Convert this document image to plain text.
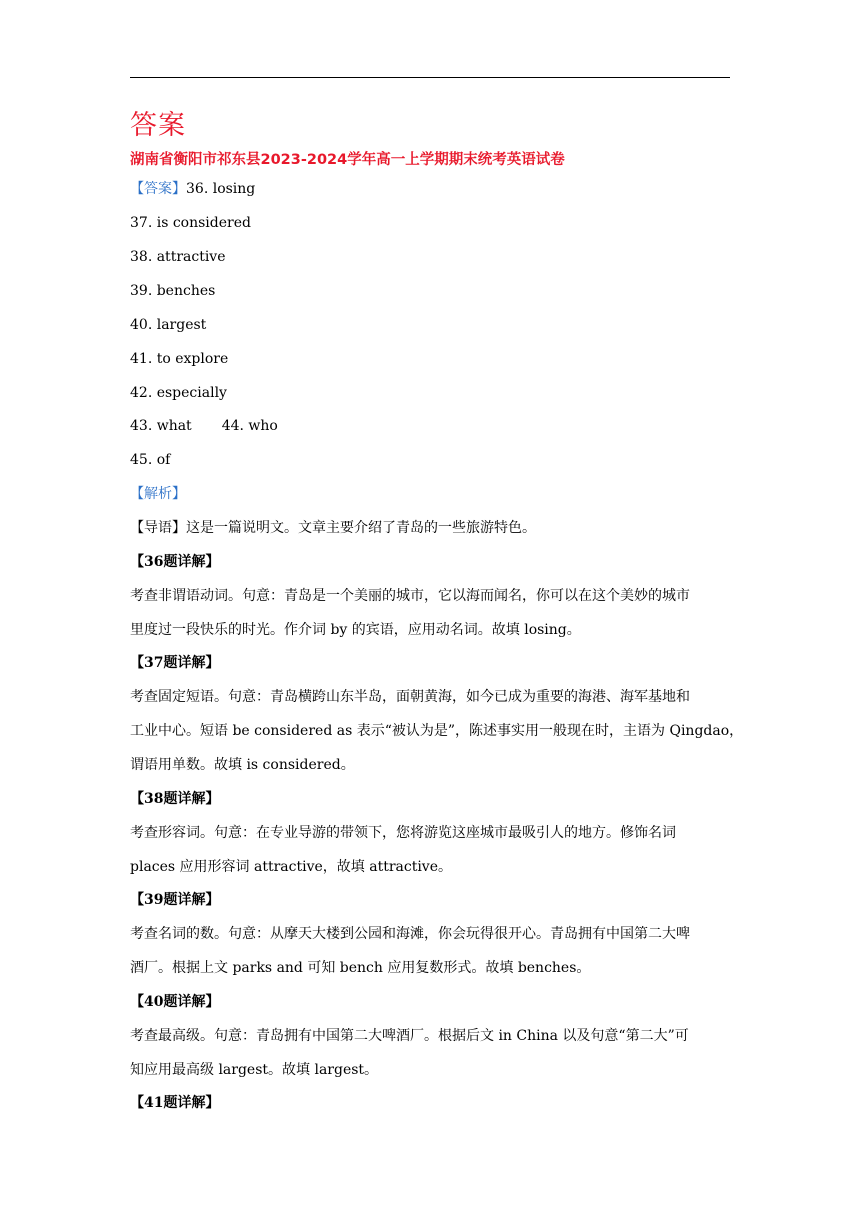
答案
湖南省衡阳市祁东县2023-2024学年高一上学期期末统考英语试卷
【答案】36. losing
37. is considered
38. attractive
39. benches
40. largest
41. to explore
42. especially
43. what 44. who
45. of
【解析】
【导语】这是一篇说明文。文章主要介绍了青岛的一些旅游特色。
【36题详解】
考查非谓语动词。句意：青岛是一个美丽的城市，它以海而闻名，你可以在这个美妙的城市
里度过一段快乐的时光。作介词 by 的宾语，应用动名词。故填 losing。
【37题详解】
考查固定短语。句意：青岛横跨山东半岛，面朝黄海，如今已成为重要的海港、海军基地和
工业中心。短语 be considered as 表示“被认为是”，陈述事实用一般现在时，主语为 Qingdao，
谓语用单数。故填 is considered。
【38题详解】
考查形容词。句意：在专业导游的带领下，您将游览这座城市最吸引人的地方。修饰名词
places 应用形容词 attractive，故填 attractive。
【39题详解】
考查名词的数。句意：从摩天大楼到公园和海滩，你会玩得很开心。青岛拥有中国第二大啤
酒厂。根据上文 parks and 可知 bench 应用复数形式。故填 benches。
【40题详解】
考查最高级。句意：青岛拥有中国第二大啤酒厂。根据后文 in China 以及句意“第二大”可
知应用最高级 largest。故填 largest。
【41题详解】
